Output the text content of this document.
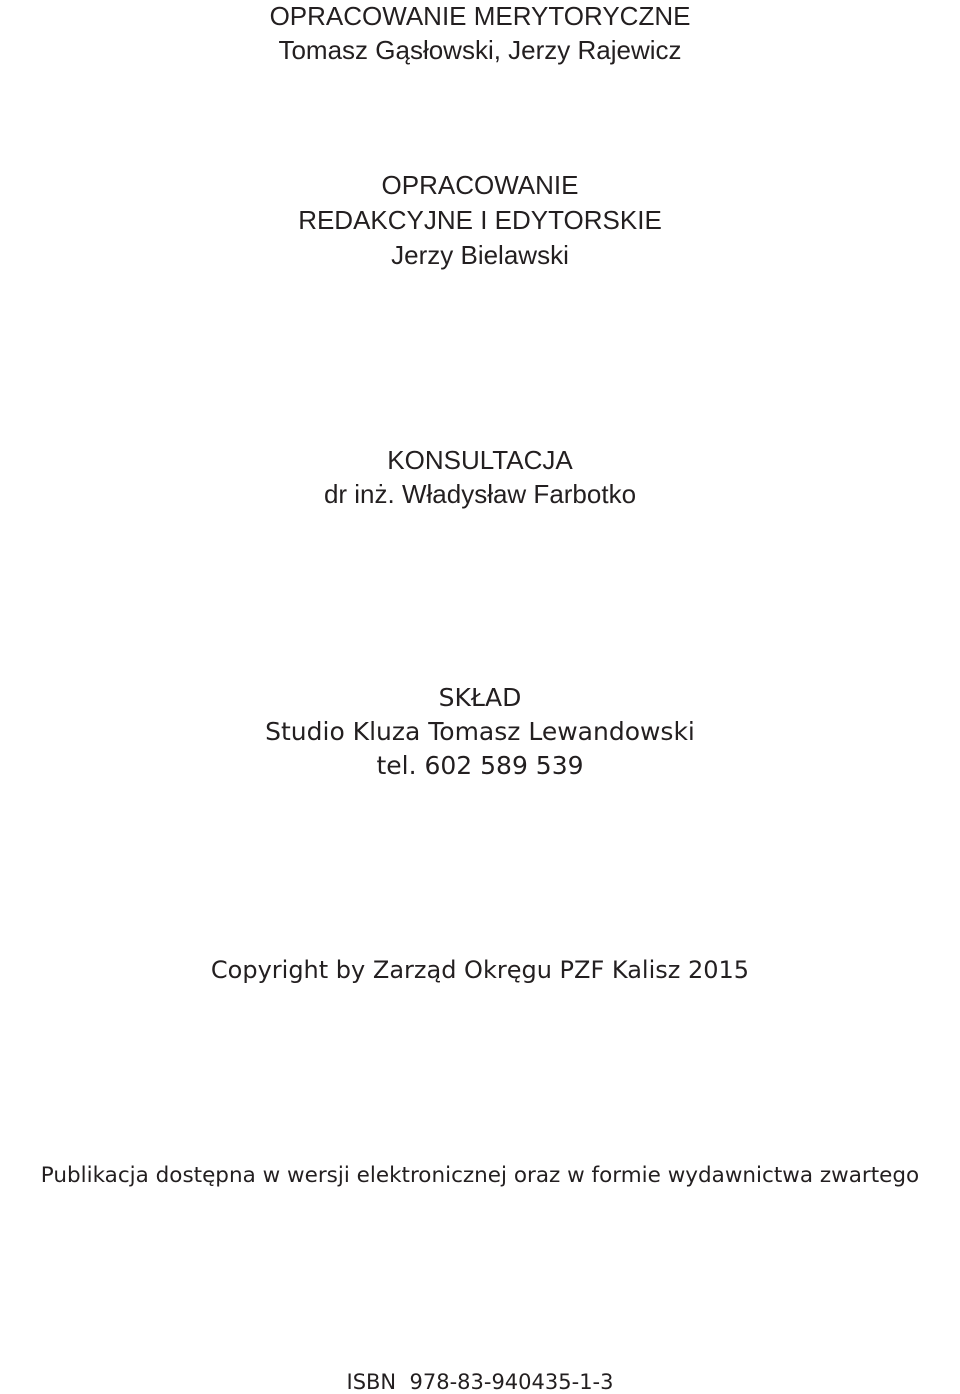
OPRACOWANIE MERYTORYCZNE

Tomasz Gąsłowski, Jerzy Rajewicz

OPRACOWANIE

REDAKCYJNE I EDYTORSKIE

Jerzy Bielawski

KONSULTACJA

dr inż. Władysław Farbotko

SKŁAD

Studio Kluza Tomasz Lewandowski

tel. 602 589 539

Copyright by Zarząd Okręgu PZF Kalisz 2015

Publikacja dostępna w wersji elektronicznej oraz w formie wydawnictwa zwartego

ISBN  978-83-940435-1-3
